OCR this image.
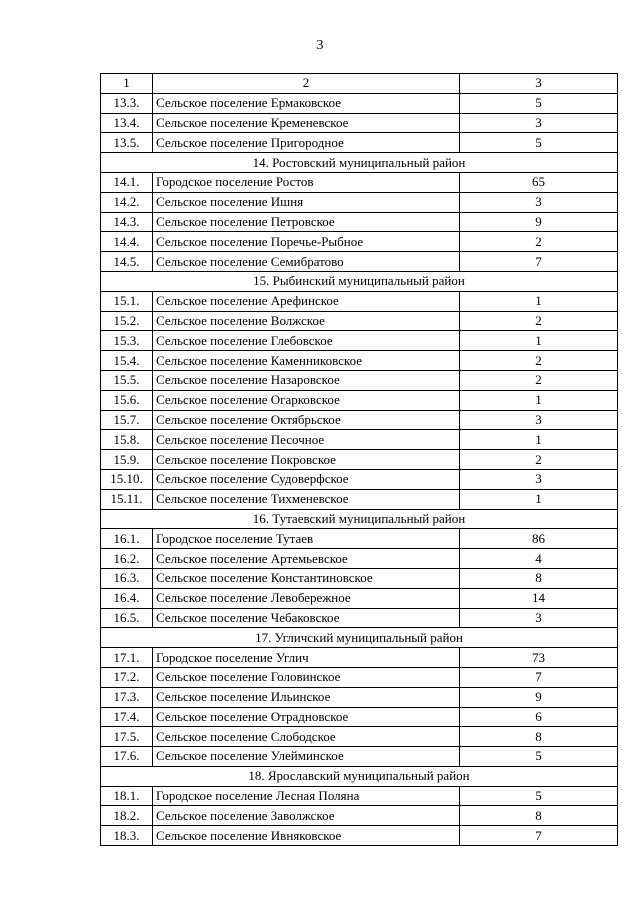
3
1	2	3
13.3.	Сельское поселение Ермаковское	5
13.4.	Сельское поселение Кременевское	3
13.5.	Сельское поселение Пригородное	5
14. Ростовский муниципальный район		
14.1.	Городское поселение Ростов	65
14.2.	Сельское поселение Ишня	3
14.3.	Сельское поселение Петровское	9
14.4.	Сельское поселение Поречье-Рыбное	2
14.5.	Сельское поселение Семибратово	7
15. Рыбинский муниципальный район		
15.1.	Сельское поселение Арефинское	1
15.2.	Сельское поселение Волжское	2
15.3.	Сельское поселение Глебовское	1
15.4.	Сельское поселение Каменниковское	2
15.5.	Сельское поселение Назаровское	2
15.6.	Сельское поселение Огарковское	1
15.7.	Сельское поселение Октябрьское	3
15.8.	Сельское поселение Песочное	1
15.9.	Сельское поселение Покровское	2
15.10.	Сельское поселение Судоверфское	3
15.11.	Сельское поселение Тихменевское	1
16. Тутаевский муниципальный район		
16.1.	Городское поселение Тутаев	86
16.2.	Сельское поселение Артемьевское	4
16.3.	Сельское поселение Константиновское	8
16.4.	Сельское поселение Левобережное	14
16.5.	Сельское поселение Чебаковское	3
17. Угличский муниципальный район		
17.1.	Городское поселение Углич	73
17.2.	Сельское поселение Головинское	7
17.3.	Сельское поселение Ильинское	9
17.4.	Сельское поселение Отрадновское	6
17.5.	Сельское поселение Слободское	8
17.6.	Сельское поселение Улейминское	5
18. Ярославский муниципальный район		
18.1.	Городское поселение Лесная Поляна	5
18.2.	Сельское поселение Заволжское	8
18.3.	Сельское поселение Ивняковское	7
